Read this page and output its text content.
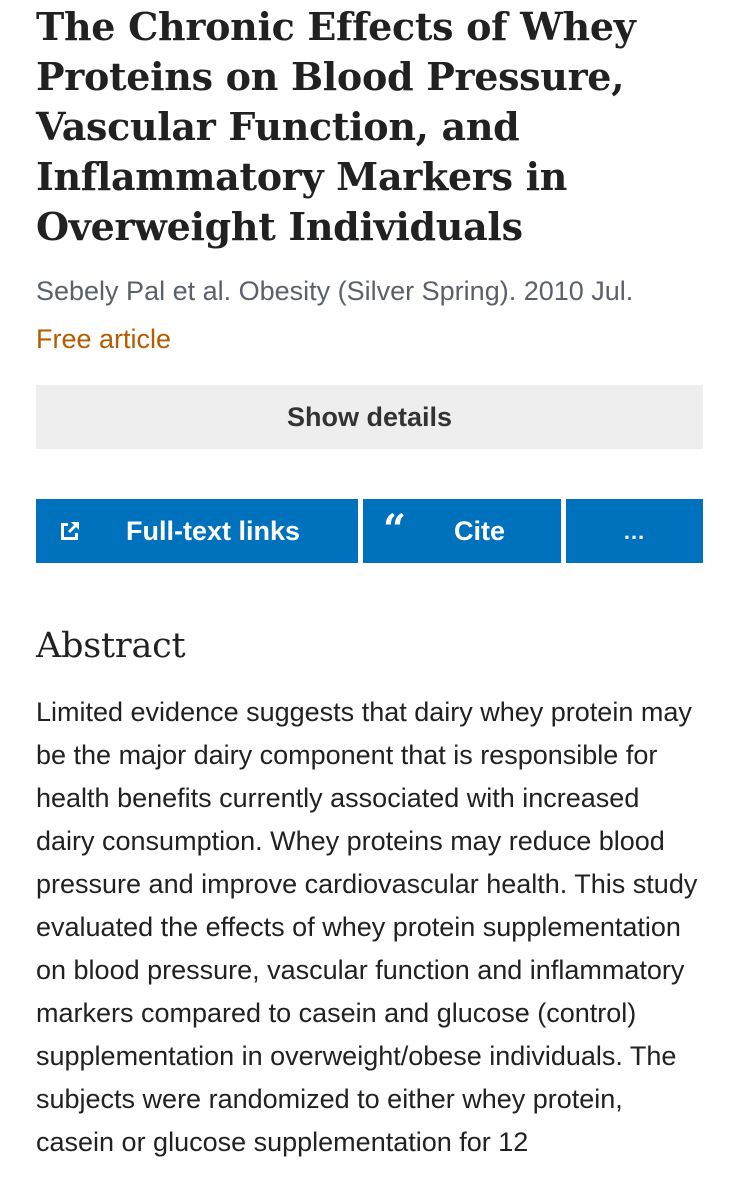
The Chronic Effects of Whey Proteins on Blood Pressure, Vascular Function, and Inflammatory Markers in Overweight Individuals
Sebely Pal et al. Obesity (Silver Spring). 2010 Jul.
Free article
Show details
Full-text links “ Cite	...
Abstract
Limited evidence suggests that dairy whey protein may be the major dairy component that is responsible for health benefits currently associated with increased dairy consumption. Whey proteins may reduce blood pressure and improve cardiovascular health. This study evaluated the effects of whey protein supplementation on blood pressure, vascular function and inflammatory markers compared to casein and glucose (control) supplementation in overweight/obese individuals. The subjects were randomized to either whey protein, casein or glucose supplementation for 12
